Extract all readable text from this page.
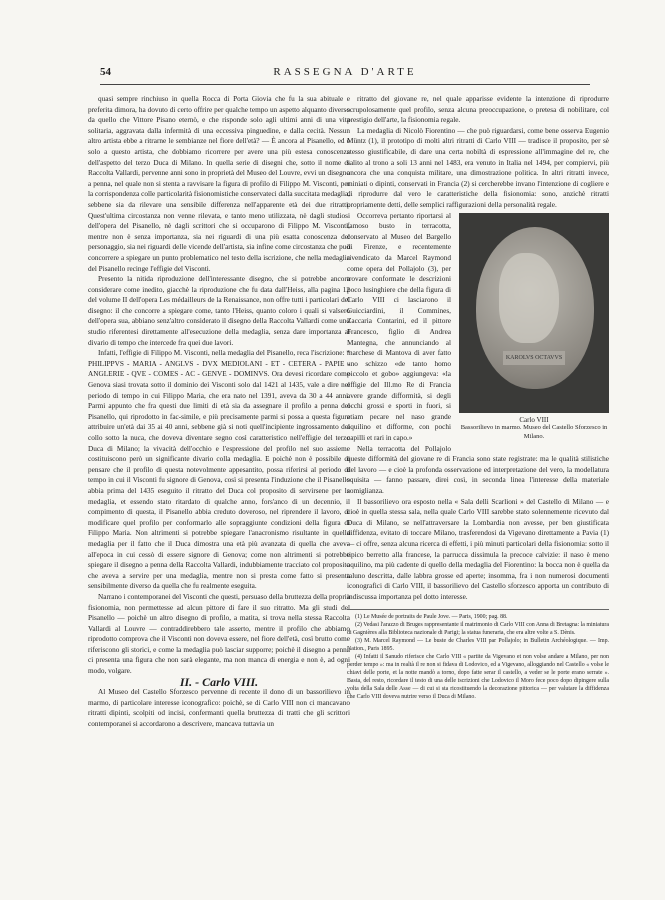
54	RASSEGNA D'ARTE

quasi sempre rinchiuso in quella Rocca di Porta Giovia che fu la sua abituale e preferita dimora, ha dovuto di certo offrire per qualche tempo un aspetto alquanto diverso da quello che Vittore Pisano eternò, e che risponde solo agli ultimi anni di una vita solitaria, aggravata dalla infermità di una eccessiva pinguedine, e dalla cecità. Nessun altro artista ebbe a ritrarne le sembianze nel fiore dell'età? — È ancora al Pisanello, ed è solo a questo artista, che dobbiamo ricorrere per avere una più estesa conoscenza dell'aspetto del terzo Duca di Milano. In quella serie di disegni che, sotto il nome di Raccolta Vallardi, pervenne anni sono in proprietà del Museo del Louvre, evvi un disegno a penna, nel quale non si stenta a ravvisare la figura di profilo di Filippo M. Visconti, per la corrispondenza colle particolarità fisionomistiche conservateci dalla succitata medaglia, sebbene sia da rilevare una sensibile differenza nell'apparente età dei due ritratti. Quest'ultima circostanza non venne rilevata, e tanto meno utilizzata, nè dagli studiosi dell'opera del Pisanello, nè dagli scrittori che si occuparono di Filippo M. Visconti, mentre non è senza importanza, sia nei riguardi di una più esatta conoscenza del personaggio, sia nei riguardi delle vicende dell'artista, sia infine come circostanza che può concorrere a spiegare un punto problematico nel testo della iscrizione, che nella medaglia del Pisanello recinge l'effigie del Visconti.

Presento la nitida riproduzione dell'interessante disegno, che si potrebbe ancora considerare come inedito, giacchè la riproduzione che fu data dall'Heiss, alla pagina 12 del volume II dell'opera Les médailleurs de la Renaissance, non offre tutti i particolari del disegno: il che concorre a spiegare come, tanto l'Heiss, quanto coloro i quali si valsero dell'opera sua, abbiano senz'altro considerato il disegno della Raccolta Vallardi come uno studio riferentesi direttamente all'esecuzione della medaglia, senza dare importanza al divario di tempo che intercede fra quei due lavori.

Infatti, l'effigie di Filippo M. Visconti, nella medaglia del Pisanello, reca l'iscrizione: * PHILIPPVS - MARIA - ANGLVS - DVX MEDIOLANI - ET - CETERA - PAPIE - ANGLERIE - QVE - COMES - AC - GENVE - DOMINVS. Ora devesi ricordare come Genova siasi trovata sotto il dominio dei Visconti solo dal 1421 al 1435, vale a dire nel periodo di tempo in cui Filippo Maria, che era nato nel 1391, aveva da 30 a 44 anni. Parmi appunto che fra questi due limiti di età sia da assegnare il profilo a penna del Pisanello, qui riprodotto in fac-simile, e più precisamente parmi si possa a questa figura attribuire un'età dai 35 ai 40 anni, sebbene già si noti quell'incipiente ingrossamento del collo sotto la nuca, che doveva diventare segno così caratteristico nell'effigie del terzo Duca di Milano; la vivacità dell'occhio e l'espressione del profilo nel suo assieme costituiscono però un significante divario colla medaglia. E poichè non è possibile di pensare che il profilo di questa notevolmente appesantito, possa riferirsi al periodo di tempo in cui il Visconti fu signore di Genova, così si presenta l'induzione che il Pisanello abbia prima del 1435 eseguito il ritratto del Duca col proposito di servirsene per la medaglia, et essendo stato ritardato di qualche anno, fors'anco di un decennio, il compimento di questa, il Pisanello abbia creduto doveroso, nel riprendere il lavoro, di modificare quel profilo per conformarlo alle sopraggiunte condizioni della figura di Filippo Maria. Non altrimenti si potrebbe spiegare l'anacronismo risultante in quella medaglia per il fatto che il Duca dimostra una età più avanzata di quella che aveva all'epoca in cui cessò di essere signore di Genova; come non altrimenti si potrebbe spiegare il disegno a penna della Raccolta Vallardi, indubbiamente tracciato col proposito che aveva a servire per una medaglia, mentre non si presta come fatto si presenta sensibilmente diverso da quella che fu realmente eseguita.

Narrano i contemporanei del Visconti che questi, persuaso della bruttezza della propria fisionomia, non permettesse ad alcun pittore di fare il suo ritratto. Ma gli studi del Pisanello — poichè un altro disegno di profilo, a matita, si trova nella stessa Raccolta Vallardi al Louvre — contraddirebbero tale asserto, mentre il profilo che abbiamo riprodotto comprova che il Visconti non doveva essere, nel fiore dell'età, così brutto come riferiscono gli storici, e come la medaglia può lasciar supporre; poichè il disegno a penna ci presenta una figura che non sarà elegante, ma non manca di energia e non è, ad ogni modo, volgare.

II. - Carlo VIII.

Al Museo del Castello Sforzesco pervenne di recente il dono di un bassorilievo in marmo, di particolare interesse iconografico: poichè, se di Carlo VIII non ci mancavano ritratti dipinti, scolpiti od incisi, confermanti quella bruttezza di tratti che gli scrittori contemporanei si accordarono a descrivere, mancava tuttavia un

ritratto del giovane re, nel quale apparisse evidente la intenzione di riprodurre scrupolosamente quel profilo, senza alcuna preoccupazione, o pretesa di nobilitare, col prestigio dell'arte, la fisionomia regale.

La medaglia di Nicolò Fiorentino — che può riguardarsi, come bene osserva Eugenio Müntz (1), il prototipo di molti altri ritratti di Carlo VIII — tradisce il proposito, per sè stesso giustificabile, di dare una certa nobiltà di espressione all'immagine del re, che salito al trono a soli 13 anni nel 1483, era venuto in Italia nel 1494, per compiervi, più ancora che una conquista militare, una dimostrazione politica. In altri ritratti invece, miniati o dipinti, conservati in Francia (2) si cercherebbe invano l'intenzione di cogliere e di riprodurre dal vero le caratteristiche della fisionomia: sono, anzichè ritratti propriamente detti, delle semplici raffigurazioni della personalità regale.

KAROLVS OCTAVVS
Carlo VIII
Bassorilievo in marmo. Museo del Castello Sforzesco in Milano.

Occorreva pertanto riportarsi al famoso busto in terracotta, conservato al Museo del Bargello di Firenze, e recentemente rivendicato da Marcel Raymond come opera del Pollajolo (3), per trovare conformate le descrizioni poco lusinghiere che della figura di Carlo VIII ci lasciarono il Guicciardini, il Commines, Zaccaria Contarini, ed il pittore Francesco, figlio di Andrea Mantegna, che annunciando al marchese di Mantova di aver fatto uno schizzo «de tanto homo piccolo et gobo» aggiungeva: «la effigie del Ill.mo Re di Francia avere grande difformità, si degli occhi grossi e sporti in fuori, si etiam pecare nel naso grande aquilino et difforme, con pochi capilli et rari in capo.»

Nella terracotta del Pollajolo queste difformità del giovane re di Francia sono state registrate: ma le qualità stilistiche del lavoro — e cioè la profonda osservazione ed interpretazione del vero, la modellatura squisita — fanno passare, direi così, in seconda linea l'interesse della materiale somiglianza.

Il bassorilievo ora esposto nella « Sala delli Scarlioni » del Castello di Milano — e cioè in quella stessa sala, nella quale Carlo VIII sarebbe stato solennemente ricevuto dal Duca di Milano, se nell'attraversare la Lombardia non avesse, per ben giustificata diffidenza, evitato di toccare Milano, trasferendosi da Vigevano direttamente a Pavia (1) — ci offre, senza alcuna ricerca di effetti, i più minuti particolari della fisionomia: sotto il tipico berretto alla francese, la parrucca dissimula la precoce calvizie: il naso è meno aquilino, ma più cadente di quello della medaglia del Fiorentino: la bocca non è quella da taluno descritta, dalle labbra grosse ed aperte; insomma, fra i non numerosi documenti iconografici di Carlo VIII, il bassorilievo del Castello sforzesco apporta un contributo di indiscussa importanza pel dotto interesse.

(1) Le Musée de portraits de Paule Jove. — Paris, 1900; pag. 88.

(2) Vedasi l'arazzo di Bruges rappresentante il matrimonio di Carlo VIII con Anna di Bretagna: la miniatura di Gagnières alla Biblioteca nazionale di Parigi; la statua funeraria, che era altre volte a S. Dènis.

(3) M. Marcel Raymond — Le buste de Charles VIII par Pollajolo; in Bulletin Archéologique. — Imp. Nation., Paris 1895.

(4) Infatti il Sanudo riferisce che Carlo VIII « partite da Vigevano et non volse andare a Milano, per non perder tempo »: ma in realtà il re non si fidava di Lodovico, ed a Vigevano, alloggiando nel Castello « volse le chiavi delle porte, et la notte mandò a torno, dopo fatte serar il castello, a veder se le porte erano serrate ». Basta, del resto, ricordare il testo di una delle iscrizioni che Lodovico il Moro fece poco dopo dipingere sulla volta della Sala delle Asse — di cui si sta ricostituendo la decorazione pittorica — per valutare la diffidenza che Carlo VIII doveva nutrire verso il Duca di Milano.
